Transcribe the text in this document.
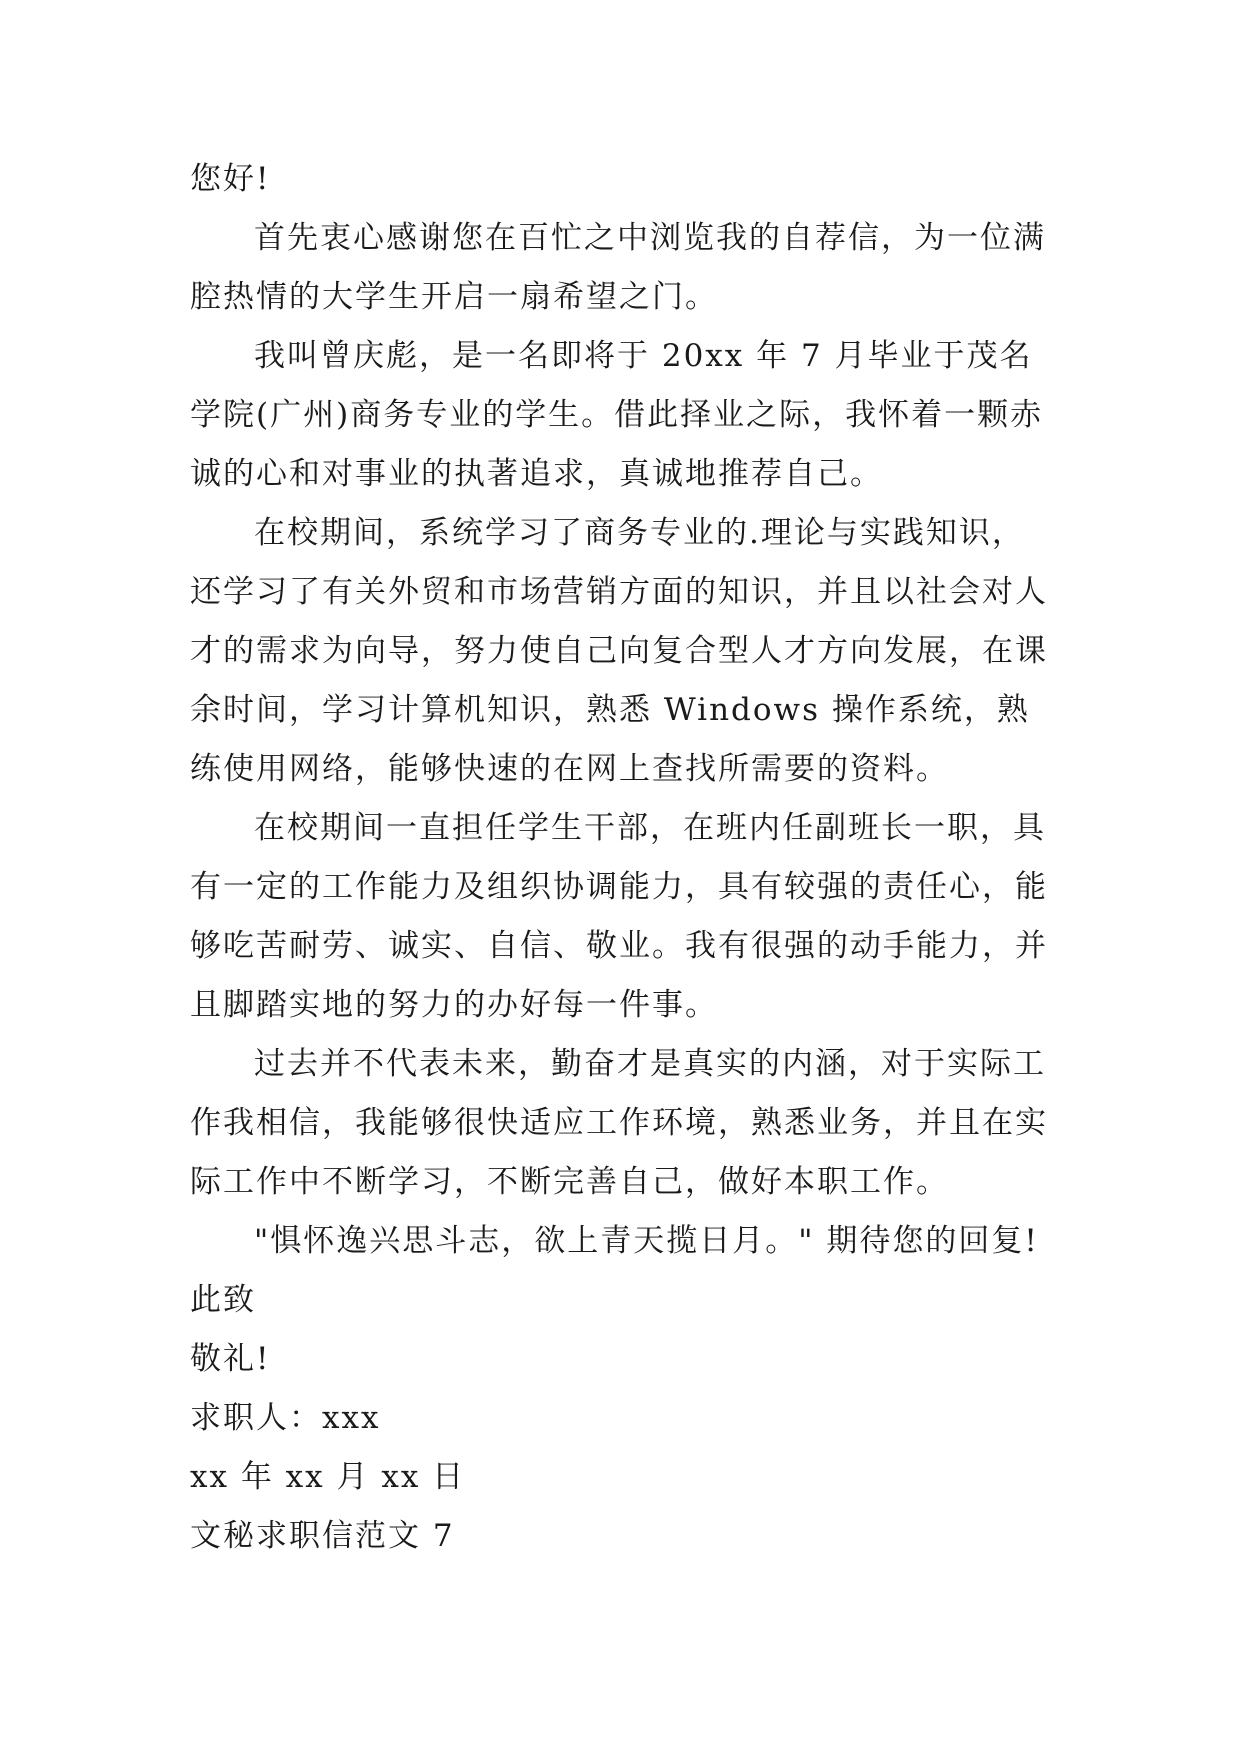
您好!

首先衷心感谢您在百忙之中浏览我的自荐信，为一位满腔热情的大学生开启一扇希望之门。

我叫曾庆彪，是一名即将于 20xx 年 7 月毕业于茂名学院(广州)商务专业的学生。借此择业之际，我怀着一颗赤诚的心和对事业的执著追求，真诚地推荐自己。

在校期间，系统学习了商务专业的.理论与实践知识，还学习了有关外贸和市场营销方面的知识，并且以社会对人才的需求为向导，努力使自己向复合型人才方向发展，在课余时间，学习计算机知识，熟悉 Windows 操作系统，熟练使用网络，能够快速的在网上查找所需要的资料。

在校期间一直担任学生干部，在班内任副班长一职，具有一定的工作能力及组织协调能力，具有较强的责任心，能够吃苦耐劳、诚实、自信、敬业。我有很强的动手能力，并且脚踏实地的努力的办好每一件事。

过去并不代表未来，勤奋才是真实的内涵，对于实际工作我相信，我能够很快适应工作环境，熟悉业务，并且在实际工作中不断学习，不断完善自己，做好本职工作。

"惧怀逸兴思斗志，欲上青天揽日月。" 期待您的回复!

此致

敬礼!

求职人：xxx

xx 年 xx 月 xx 日

文秘求职信范文 7
